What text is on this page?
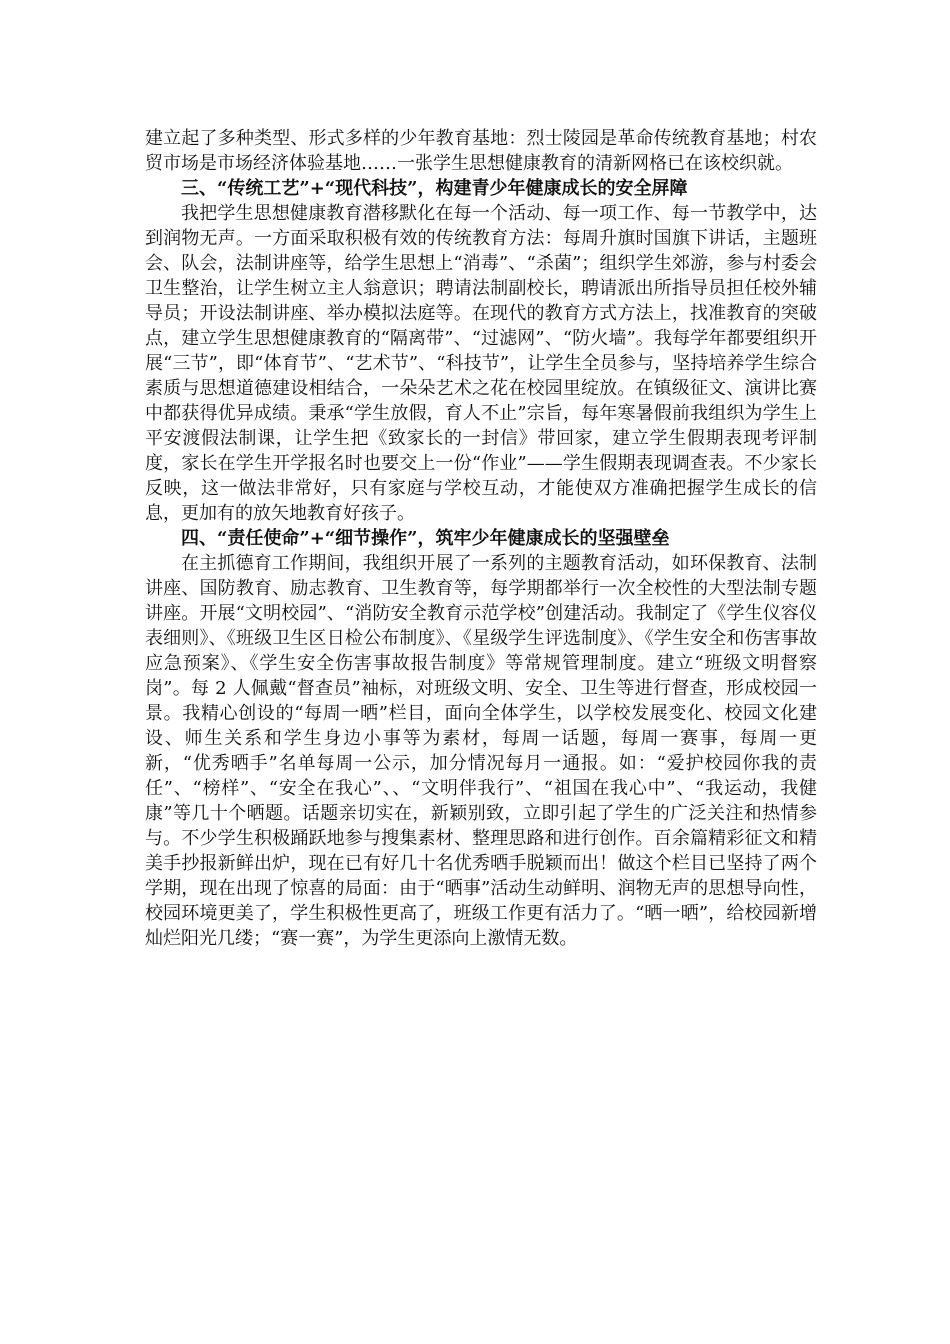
建立起了多种类型、形式多样的少年教育基地：烈士陵园是革命传统教育基地；村农贸市场是市场经济体验基地……一张学生思想健康教育的清新网格已在该校织就。

三、“传统工艺”+“现代科技”，构建青少年健康成长的安全屏障

我把学生思想健康教育潜移默化在每一个活动、每一项工作、每一节教学中，达到润物无声。一方面采取积极有效的传统教育方法：每周升旗时国旗下讲话，主题班会、队会，法制讲座等，给学生思想上“消毒”、“杀菌”；组织学生郊游，参与村委会卫生整治，让学生树立主人翁意识；聘请法制副校长，聘请派出所指导员担任校外辅导员；开设法制讲座、举办模拟法庭等。在现代的教育方式方法上，找准教育的突破点，建立学生思想健康教育的“隔离带”、“过滤网”、“防火墙”。我每学年都要组织开展“三节”，即“体育节”、“艺术节”、“科技节”，让学生全员参与，坚持培养学生综合素质与思想道德建设相结合，一朵朵艺术之花在校园里绽放。在镇级征文、演讲比赛中都获得优异成绩。秉承“学生放假，育人不止”宗旨，每年寒暑假前我组织为学生上平安渡假法制课，让学生把《致家长的一封信》带回家，建立学生假期表现考评制度，家长在学生开学报名时也要交上一份“作业”——学生假期表现调查表。不少家长反映，这一做法非常好，只有家庭与学校互动，才能使双方准确把握学生成长的信息，更加有的放矢地教育好孩子。

四、“责任使命”+“细节操作”，筑牢少年健康成长的坚强壁垒

在主抓德育工作期间，我组织开展了一系列的主题教育活动，如环保教育、法制讲座、国防教育、励志教育、卫生教育等，每学期都举行一次全校性的大型法制专题讲座。开展“文明校园”、“消防安全教育示范学校”创建活动。我制定了《学生仪容仪表细则》、《班级卫生区日检公布制度》、《星级学生评选制度》、《学生安全和伤害事故应急预案》、《学生安全伤害事故报告制度》等常规管理制度。建立“班级文明督察岗”。每 2 人佩戴“督查员”袖标，对班级文明、安全、卫生等进行督查，形成校园一景。我精心创设的“每周一晒”栏目，面向全体学生，以学校发展变化、校园文化建设、师生关系和学生身边小事等为素材，每周一话题，每周一赛事，每周一更新，“优秀晒手”名单每周一公示，加分情况每月一通报。如：“爱护校园你我的责任”、“榜样”、“安全在我心”、、“文明伴我行”、“祖国在我心中”、“我运动，我健康”等几十个晒题。话题亲切实在，新颖别致，立即引起了学生的广泛关注和热情参与。不少学生积极踊跃地参与搜集素材、整理思路和进行创作。百余篇精彩征文和精美手抄报新鲜出炉，现在已有好几十名优秀晒手脱颖而出！做这个栏目已坚持了两个学期，现在出现了惊喜的局面：由于“晒事”活动生动鲜明、润物无声的思想导向性，校园环境更美了，学生积极性更高了，班级工作更有活力了。“晒一晒”，给校园新增灿烂阳光几缕；“赛一赛”，为学生更添向上激情无数。
